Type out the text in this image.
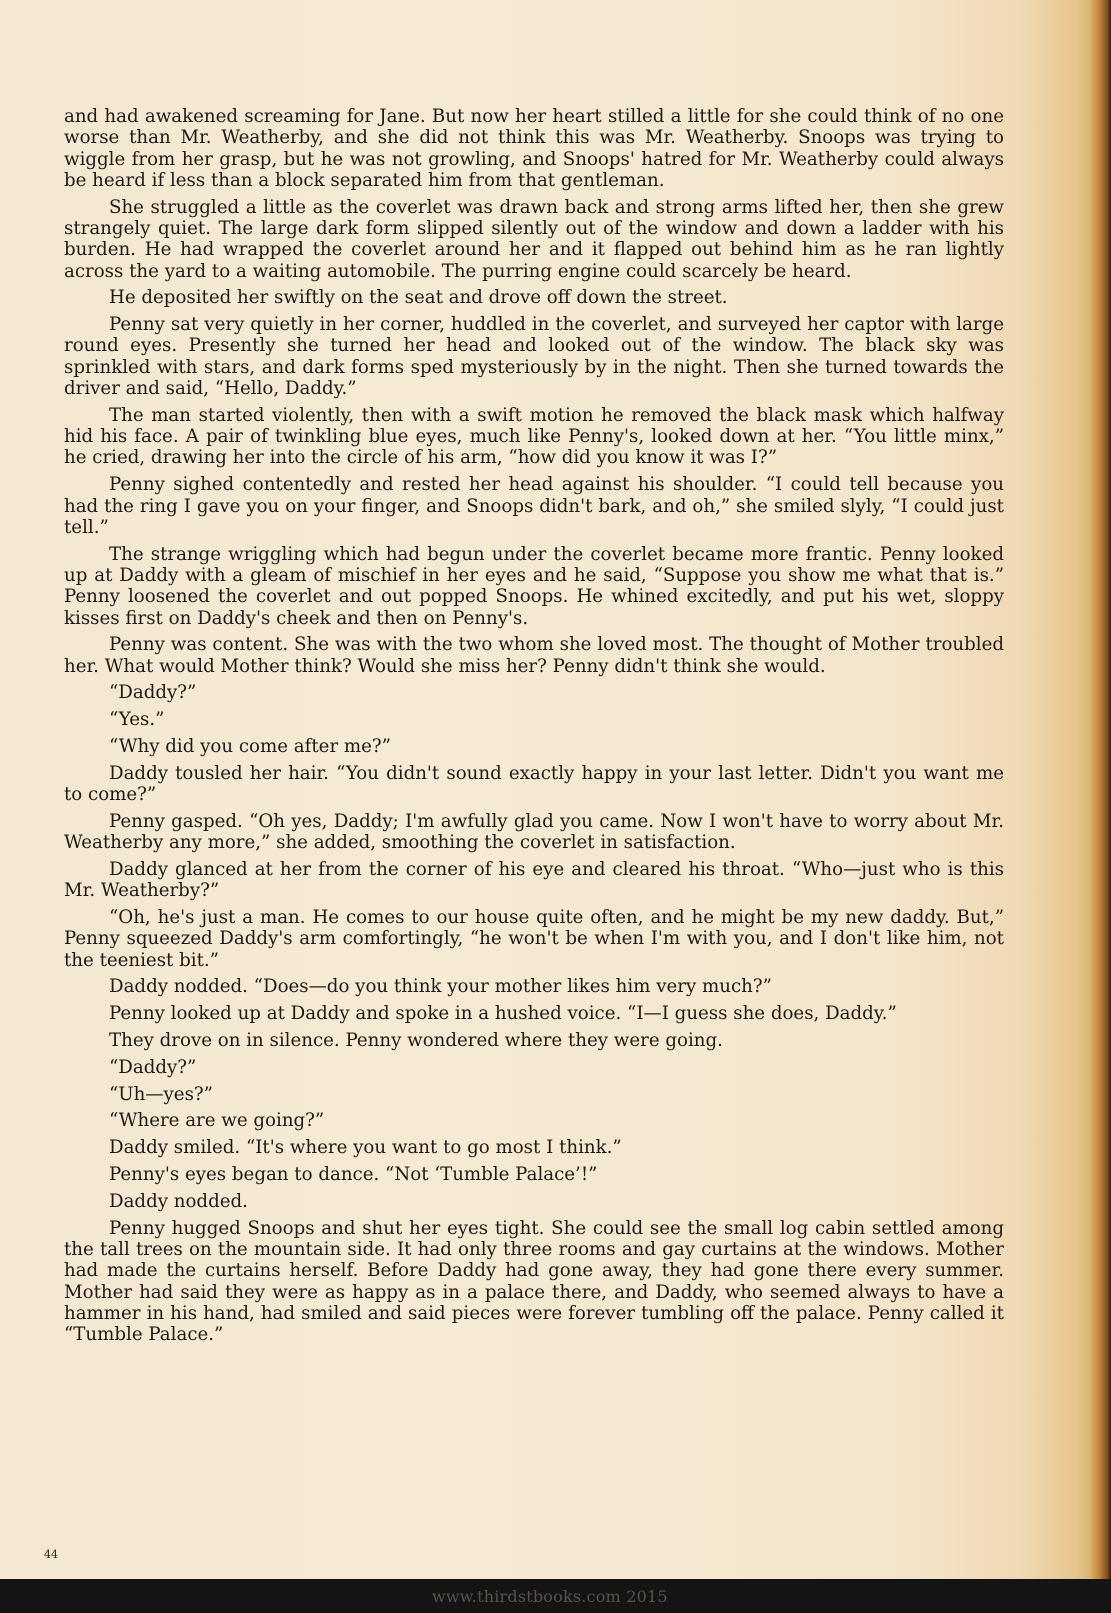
and had awakened screaming for Jane. But now her heart stilled a little for she could think of no one worse than Mr. Weatherby, and she did not think this was Mr. Weatherby. Snoops was trying to wiggle from her grasp, but he was not growling, and Snoops' hatred for Mr. Weatherby could always be heard if less than a block separated him from that gentleman.

She struggled a little as the coverlet was drawn back and strong arms lifted her, then she grew strangely quiet. The large dark form slipped silently out of the window and down a ladder with his burden. He had wrapped the coverlet around her and it flapped out behind him as he ran lightly across the yard to a waiting automobile. The purring engine could scarcely be heard.

He deposited her swiftly on the seat and drove off down the street.

Penny sat very quietly in her corner, huddled in the coverlet, and surveyed her captor with large round eyes. Presently she turned her head and looked out of the window. The black sky was sprinkled with stars, and dark forms sped mysteriously by in the night. Then she turned towards the driver and said, “Hello, Daddy.”

The man started violently, then with a swift motion he removed the black mask which halfway hid his face. A pair of twinkling blue eyes, much like Penny's, looked down at her. “You little minx,” he cried, drawing her into the circle of his arm, “how did you know it was I?”

Penny sighed contentedly and rested her head against his shoulder. “I could tell because you had the ring I gave you on your finger, and Snoops didn't bark, and oh,” she smiled slyly, “I could just tell.”

The strange wriggling which had begun under the coverlet became more frantic. Penny looked up at Daddy with a gleam of mischief in her eyes and he said, “Suppose you show me what that is.” Penny loosened the coverlet and out popped Snoops. He whined excitedly, and put his wet, sloppy kisses first on Daddy's cheek and then on Penny's.

Penny was content. She was with the two whom she loved most. The thought of Mother troubled her. What would Mother think? Would she miss her? Penny didn't think she would.

“Daddy?”

“Yes.”

“Why did you come after me?”

Daddy tousled her hair. “You didn't sound exactly happy in your last letter. Didn't you want me to come?”

Penny gasped. “Oh yes, Daddy; I'm awfully glad you came. Now I won't have to worry about Mr. Weatherby any more,” she added, smoothing the coverlet in satisfaction.

Daddy glanced at her from the corner of his eye and cleared his throat. “Who—just who is this Mr. Weatherby?”

“Oh, he's just a man. He comes to our house quite often, and he might be my new daddy. But,” Penny squeezed Daddy's arm comfortingly, “he won't be when I'm with you, and I don't like him, not the teeniest bit.”

Daddy nodded. “Does—do you think your mother likes him very much?”

Penny looked up at Daddy and spoke in a hushed voice. “I—I guess she does, Daddy.”

They drove on in silence. Penny wondered where they were going.

“Daddy?”

“Uh—yes?”

“Where are we going?”

Daddy smiled. “It's where you want to go most I think.”

Penny's eyes began to dance. “Not ‘Tumble Palace’!”

Daddy nodded.

Penny hugged Snoops and shut her eyes tight. She could see the small log cabin settled among the tall trees on the mountain side. It had only three rooms and gay curtains at the windows. Mother had made the curtains herself. Before Daddy had gone away, they had gone there every summer. Mother had said they were as happy as in a palace there, and Daddy, who seemed always to have a hammer in his hand, had smiled and said pieces were forever tumbling off the palace. Penny called it “Tumble Palace.”

44

www.thirdstbooks.com 2015
